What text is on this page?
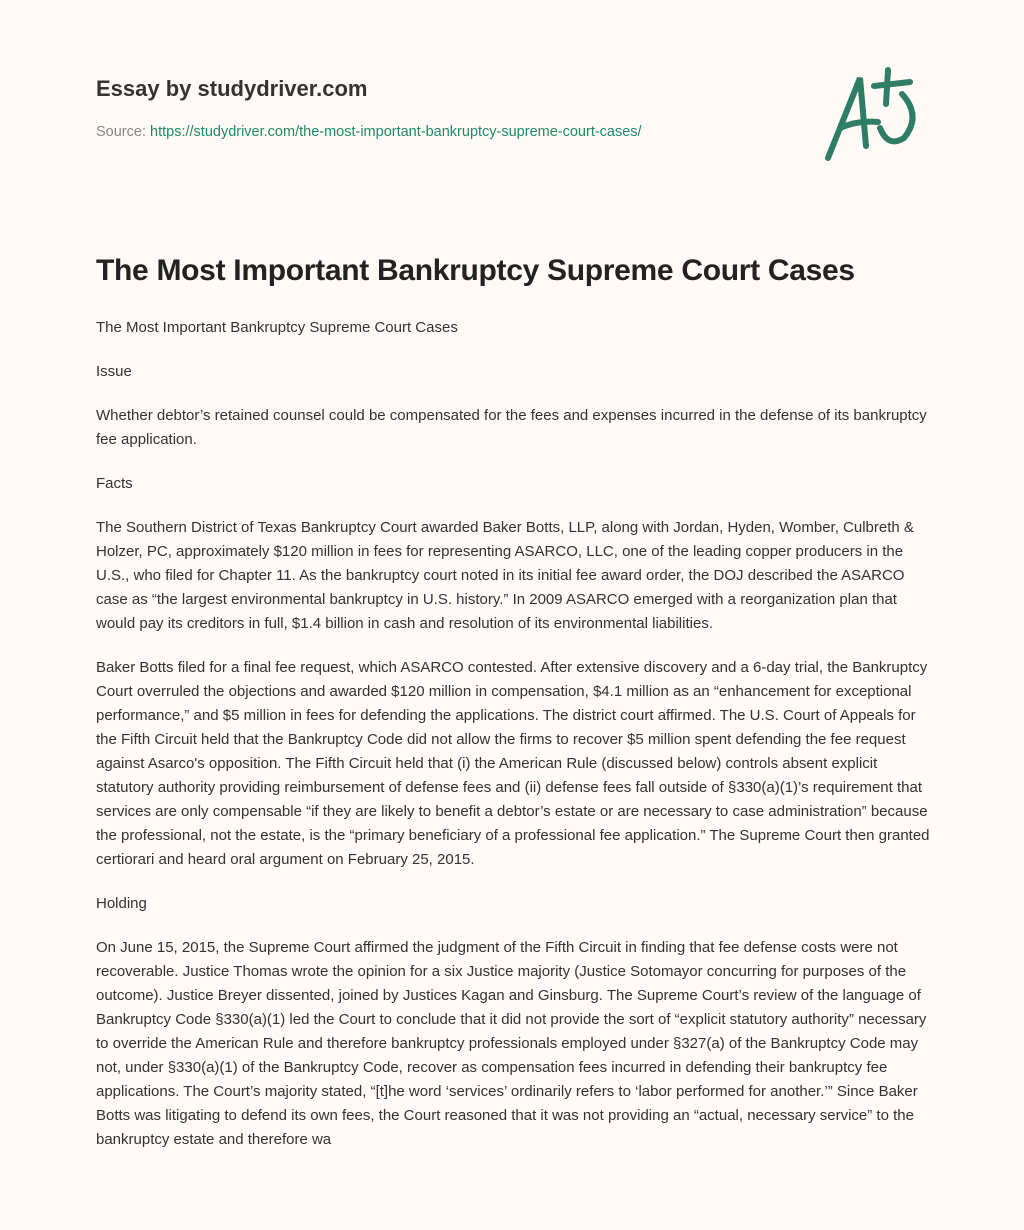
Essay by studydriver.com
Source: https://studydriver.com/the-most-important-bankruptcy-supreme-court-cases/
The Most Important Bankruptcy Supreme Court Cases

The Most Important Bankruptcy Supreme Court Cases

Issue

Whether debtor’s retained counsel could be compensated for the fees and expenses incurred in the defense of its bankruptcy fee application.

Facts

The Southern District of Texas Bankruptcy Court awarded Baker Botts, LLP, along with Jordan, Hyden, Womber, Culbreth & Holzer, PC, approximately $120 million in fees for representing ASARCO, LLC, one of the leading copper producers in the U.S., who filed for Chapter 11. As the bankruptcy court noted in its initial fee award order, the DOJ described the ASARCO case as “the largest environmental bankruptcy in U.S. history.” In 2009 ASARCO emerged with a reorganization plan that would pay its creditors in full, $1.4 billion in cash and resolution of its environmental liabilities.

Baker Botts filed for a final fee request, which ASARCO contested. After extensive discovery and a 6-day trial, the Bankruptcy Court overruled the objections and awarded $120 million in compensation, $4.1 million as an “enhancement for exceptional performance,” and $5 million in fees for defending the applications. The district court affirmed. The U.S. Court of Appeals for the Fifth Circuit held that the Bankruptcy Code did not allow the firms to recover $5 million spent defending the fee request against Asarco's opposition. The Fifth Circuit held that (i) the American Rule (discussed below) controls absent explicit statutory authority providing reimbursement of defense fees and (ii) defense fees fall outside of §330(a)(1)’s requirement that services are only compensable “if they are likely to benefit a debtor’s estate or are necessary to case administration” because the professional, not the estate, is the “primary beneficiary of a professional fee application.” The Supreme Court then granted certiorari and heard oral argument on February 25, 2015.

Holding

On June 15, 2015, the Supreme Court affirmed the judgment of the Fifth Circuit in finding that fee defense costs were not recoverable. Justice Thomas wrote the opinion for a six Justice majority (Justice Sotomayor concurring for purposes of the outcome). Justice Breyer dissented, joined by Justices Kagan and Ginsburg. The Supreme Court’s review of the language of Bankruptcy Code §330(a)(1) led the Court to conclude that it did not provide the sort of “explicit statutory authority” necessary to override the American Rule and therefore bankruptcy professionals employed under §327(a) of the Bankruptcy Code may not, under §330(a)(1) of the Bankruptcy Code, recover as compensation fees incurred in defending their bankruptcy fee applications. The Court’s majority stated, “[t]he word ‘services’ ordinarily refers to ‘labor performed for another.’” Since Baker Botts was litigating to defend its own fees, the Court reasoned that it was not providing an “actual, necessary service” to the bankruptcy estate and therefore wa
